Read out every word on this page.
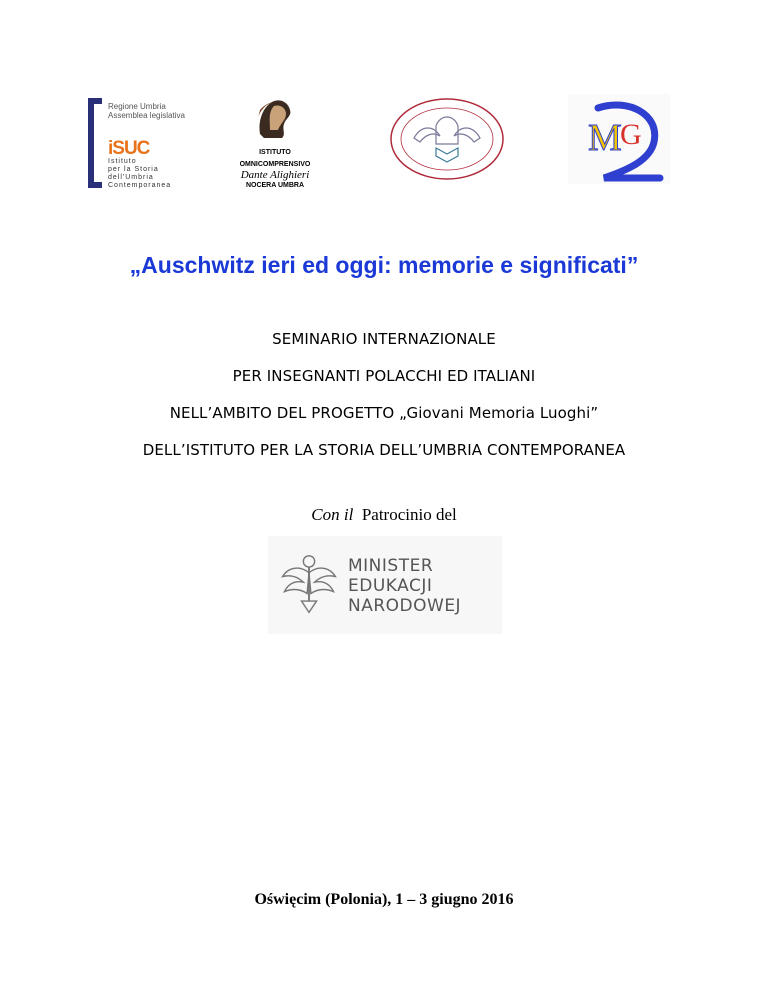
Regione Umbria
Assemblea legislativa
iSUC
Istituto
per la Storia
dell'Umbria
Contemporanea
ISTITUTO
OMNICOMPRENSIVO
Dante Alighieri
NOCERA UMBRA
M
G
„Auschwitz ieri ed oggi: memorie e significati”
SEMINARIO INTERNAZIONALE
PER INSEGNANTI POLACCHI ED ITALIANI
NELL’AMBITO DEL PROGETTO „Giovani Memoria Luoghi”
DELL’ISTITUTO PER LA STORIA DELL’UMBRIA CONTEMPORANEA
Con il Patrocinio del
MINISTER
EDUKACJI
NARODOWEJ
Oświęcim (Polonia), 1 – 3 giugno 2016
